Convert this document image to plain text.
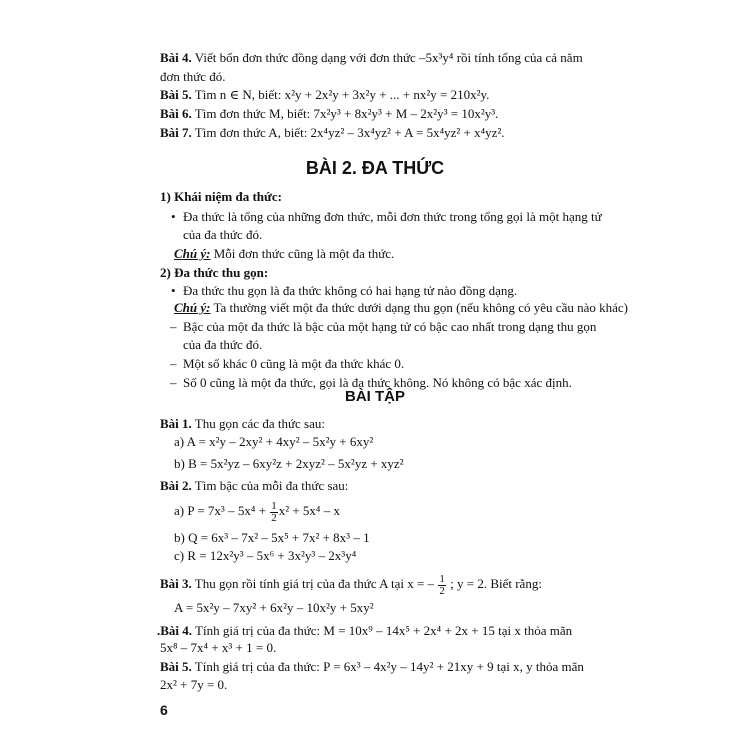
Bài 4. Viết bốn đơn thức đồng dạng với đơn thức –5x³y⁴ rồi tính tổng của cả năm
đơn thức đó.
Bài 5. Tìm n ∈ N, biết: x²y + 2x²y + 3x²y + ... + nx²y = 210x²y.
Bài 6. Tìm đơn thức M, biết: 7x²y³ + 8x²y³ + M – 2x²y³ = 10x²y³.
Bài 7. Tìm đơn thức A, biết: 2x⁴yz² – 3x⁴yz² + A = 5x⁴yz² + x⁴yz².
BÀI 2. ĐA THỨC
1) Khái niệm đa thức:
• Đa thức là tổng của những đơn thức, mỗi đơn thức trong tổng gọi là một hạng tử
của đa thức đó.
Chú ý: Mỗi đơn thức cũng là một đa thức.
2) Đa thức thu gọn:
• Đa thức thu gọn là đa thức không có hai hạng tử nào đồng dạng.
Chú ý: Ta thường viết một đa thức dưới dạng thu gọn (nếu không có yêu cầu nào khác)
– Bậc của một đa thức là bậc của một hạng tử có bậc cao nhất trong dạng thu gọn
của đa thức đó.
– Một số khác 0 cũng là một đa thức khác 0.
– Số 0 cũng là một đa thức, gọi là đa thức không. Nó không có bậc xác định.
BÀI TẬP
Bài 1. Thu gọn các đa thức sau:
a) A = x²y – 2xy² + 4xy² – 5x²y + 6xy²
b) B = 5x²yz – 6xy²z + 2xyz² – 5x²yz + xyz²
Bài 2. Tìm bậc của mỗi đa thức sau:
a) $P = 7x^3 - 5x^4 + \frac{1}{2} x^2 + 5x^4 - x$
b) Q = 6x³ – 7x² – 5x⁵ + 7x² + 8x³ – 1
c) R = 12x²y³ – 5x⁶ + 3x²y³ – 2x³y⁴
Bài 3. Thu gọn rồi tính giá trị của đa thức A tại x = – $\frac{1}{2}$ ; y = 2. Biết rằng:
A = 5x²y – 7xy² + 6x²y – 10x²y + 5xy²
.Bài 4. Tính giá trị của đa thức: M = 10x⁹ – 14x⁵ + 2x⁴ + 2x + 15 tại x thỏa mãn
5x⁸ – 7x⁴ + x³ + 1 = 0.
Bài 5. Tính giá trị của đa thức: P = 6x³ – 4x²y – 14y² + 21xy + 9 tại x, y thỏa mãn
2x² + 7y = 0.
6
